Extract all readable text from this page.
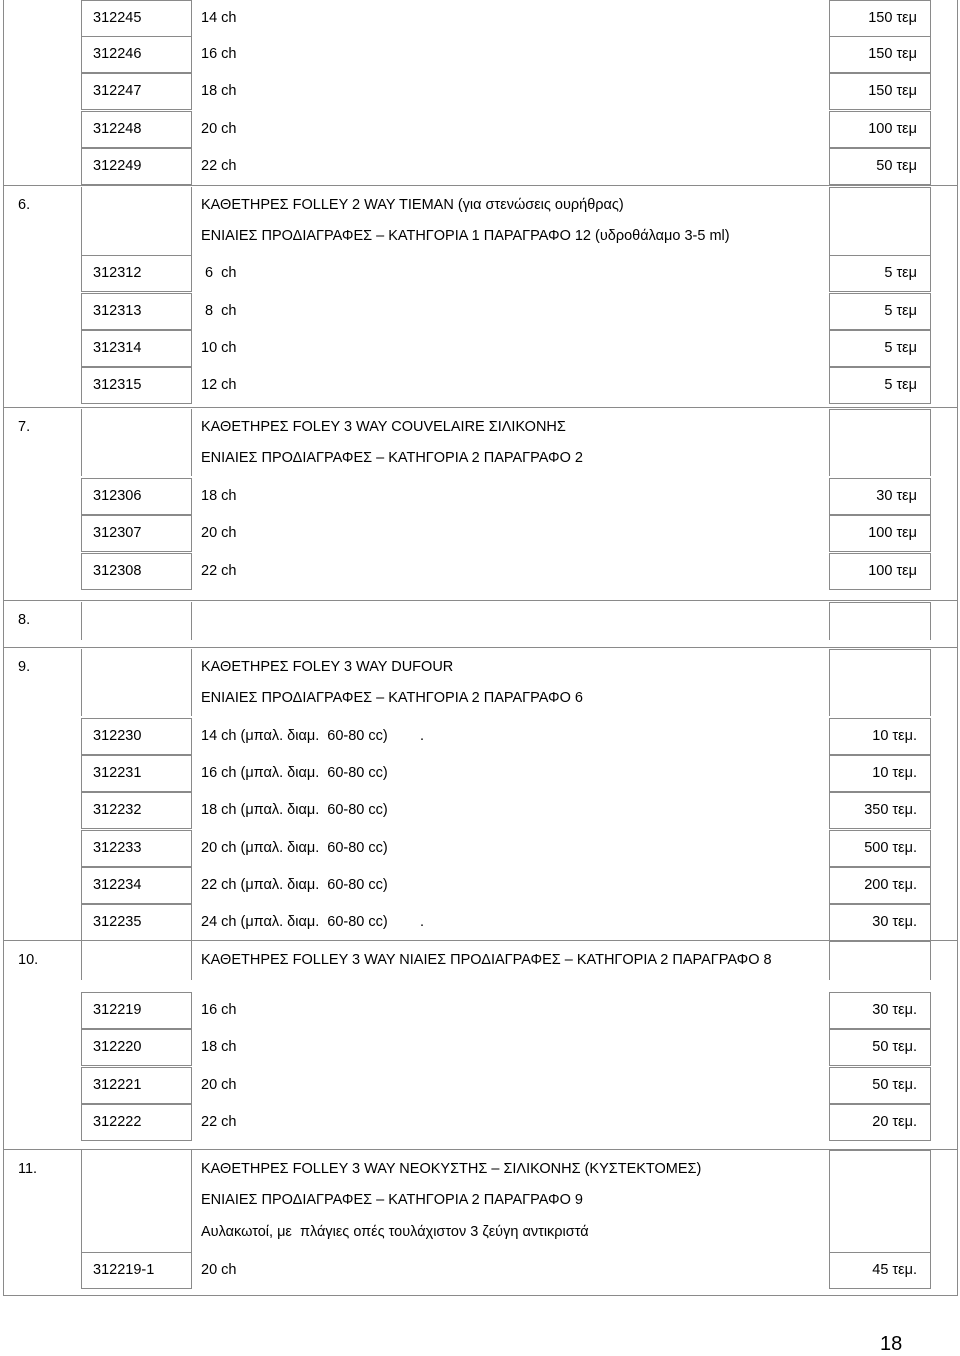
312245	14 ch	150 τεμ
312246	16 ch	150 τεμ
312247	18 ch	150 τεμ
312248	20 ch	100 τεμ
312249	22 ch	50 τεμ
6.	ΚΑΘΕΤΗΡΕΣ FOLLEY 2 WAY TIEMAN (για στενώσεις ουρήθρας)
ΕΝΙΑΙΕΣ ΠΡΟΔΙΑΓΡΑΦΕΣ – ΚΑΤΗΓΟΡΙΑ 1 ΠΑΡΑΓΡΑΦΟ 12 (υδροθάλαμο 3-5 ml)
312312	6  ch	5 τεμ
312313	8  ch	5 τεμ
312314	10 ch	5 τεμ
312315	12 ch	5 τεμ
7.	ΚΑΘΕΤΗΡΕΣ FOLEY 3 WAY COUVELAIRE ΣΙΛΙΚΟΝΗΣ
ΕΝΙΑΙΕΣ ΠΡΟΔΙΑΓΡΑΦΕΣ – ΚΑΤΗΓΟΡΙΑ 2 ΠΑΡΑΓΡΑΦΟ 2
312306	18 ch	30 τεμ
312307	20 ch	100 τεμ
312308	22 ch	100 τεμ
8.
9.	ΚΑΘΕΤΗΡΕΣ FOLEY 3 WAY DUFOUR
ΕΝΙΑΙΕΣ ΠΡΟΔΙΑΓΡΑΦΕΣ – ΚΑΤΗΓΟΡΙΑ 2 ΠΑΡΑΓΡΑΦΟ 6
312230	14 ch (μπαλ. διαμ.  60-80 cc)        .	10 τεμ.
312231	16 ch (μπαλ. διαμ.  60-80 cc)	10 τεμ.
312232	18 ch (μπαλ. διαμ.  60-80 cc)	350 τεμ.
312233	20 ch (μπαλ. διαμ.  60-80 cc)	500 τεμ.
312234	22 ch (μπαλ. διαμ.  60-80 cc)	200 τεμ.
312235	24 ch (μπαλ. διαμ.  60-80 cc)        .	30 τεμ.
10.	ΚΑΘΕΤΗΡΕΣ FOLLEY 3 WAY ΝΙΑΙΕΣ ΠΡΟΔΙΑΓΡΑΦΕΣ – ΚΑΤΗΓΟΡΙΑ 2 ΠΑΡΑΓΡΑΦΟ 8
312219	16 ch	30 τεμ.
312220	18 ch	50 τεμ.
312221	20 ch	50 τεμ.
312222	22 ch	20 τεμ.
11.	ΚΑΘΕΤΗΡΕΣ FOLLEY 3 WAY ΝΕΟΚΥΣΤΗΣ – ΣΙΛΙΚΟΝΗΣ (ΚΥΣΤΕΚΤΟΜΕΣ)
ΕΝΙΑΙΕΣ ΠΡΟΔΙΑΓΡΑΦΕΣ – ΚΑΤΗΓΟΡΙΑ 2 ΠΑΡΑΓΡΑΦΟ 9
Αυλακωτοί, με  πλάγιες οπές τουλάχιστον 3 ζεύγη αντικριστά
312219-1	20 ch	45 τεμ.
18
